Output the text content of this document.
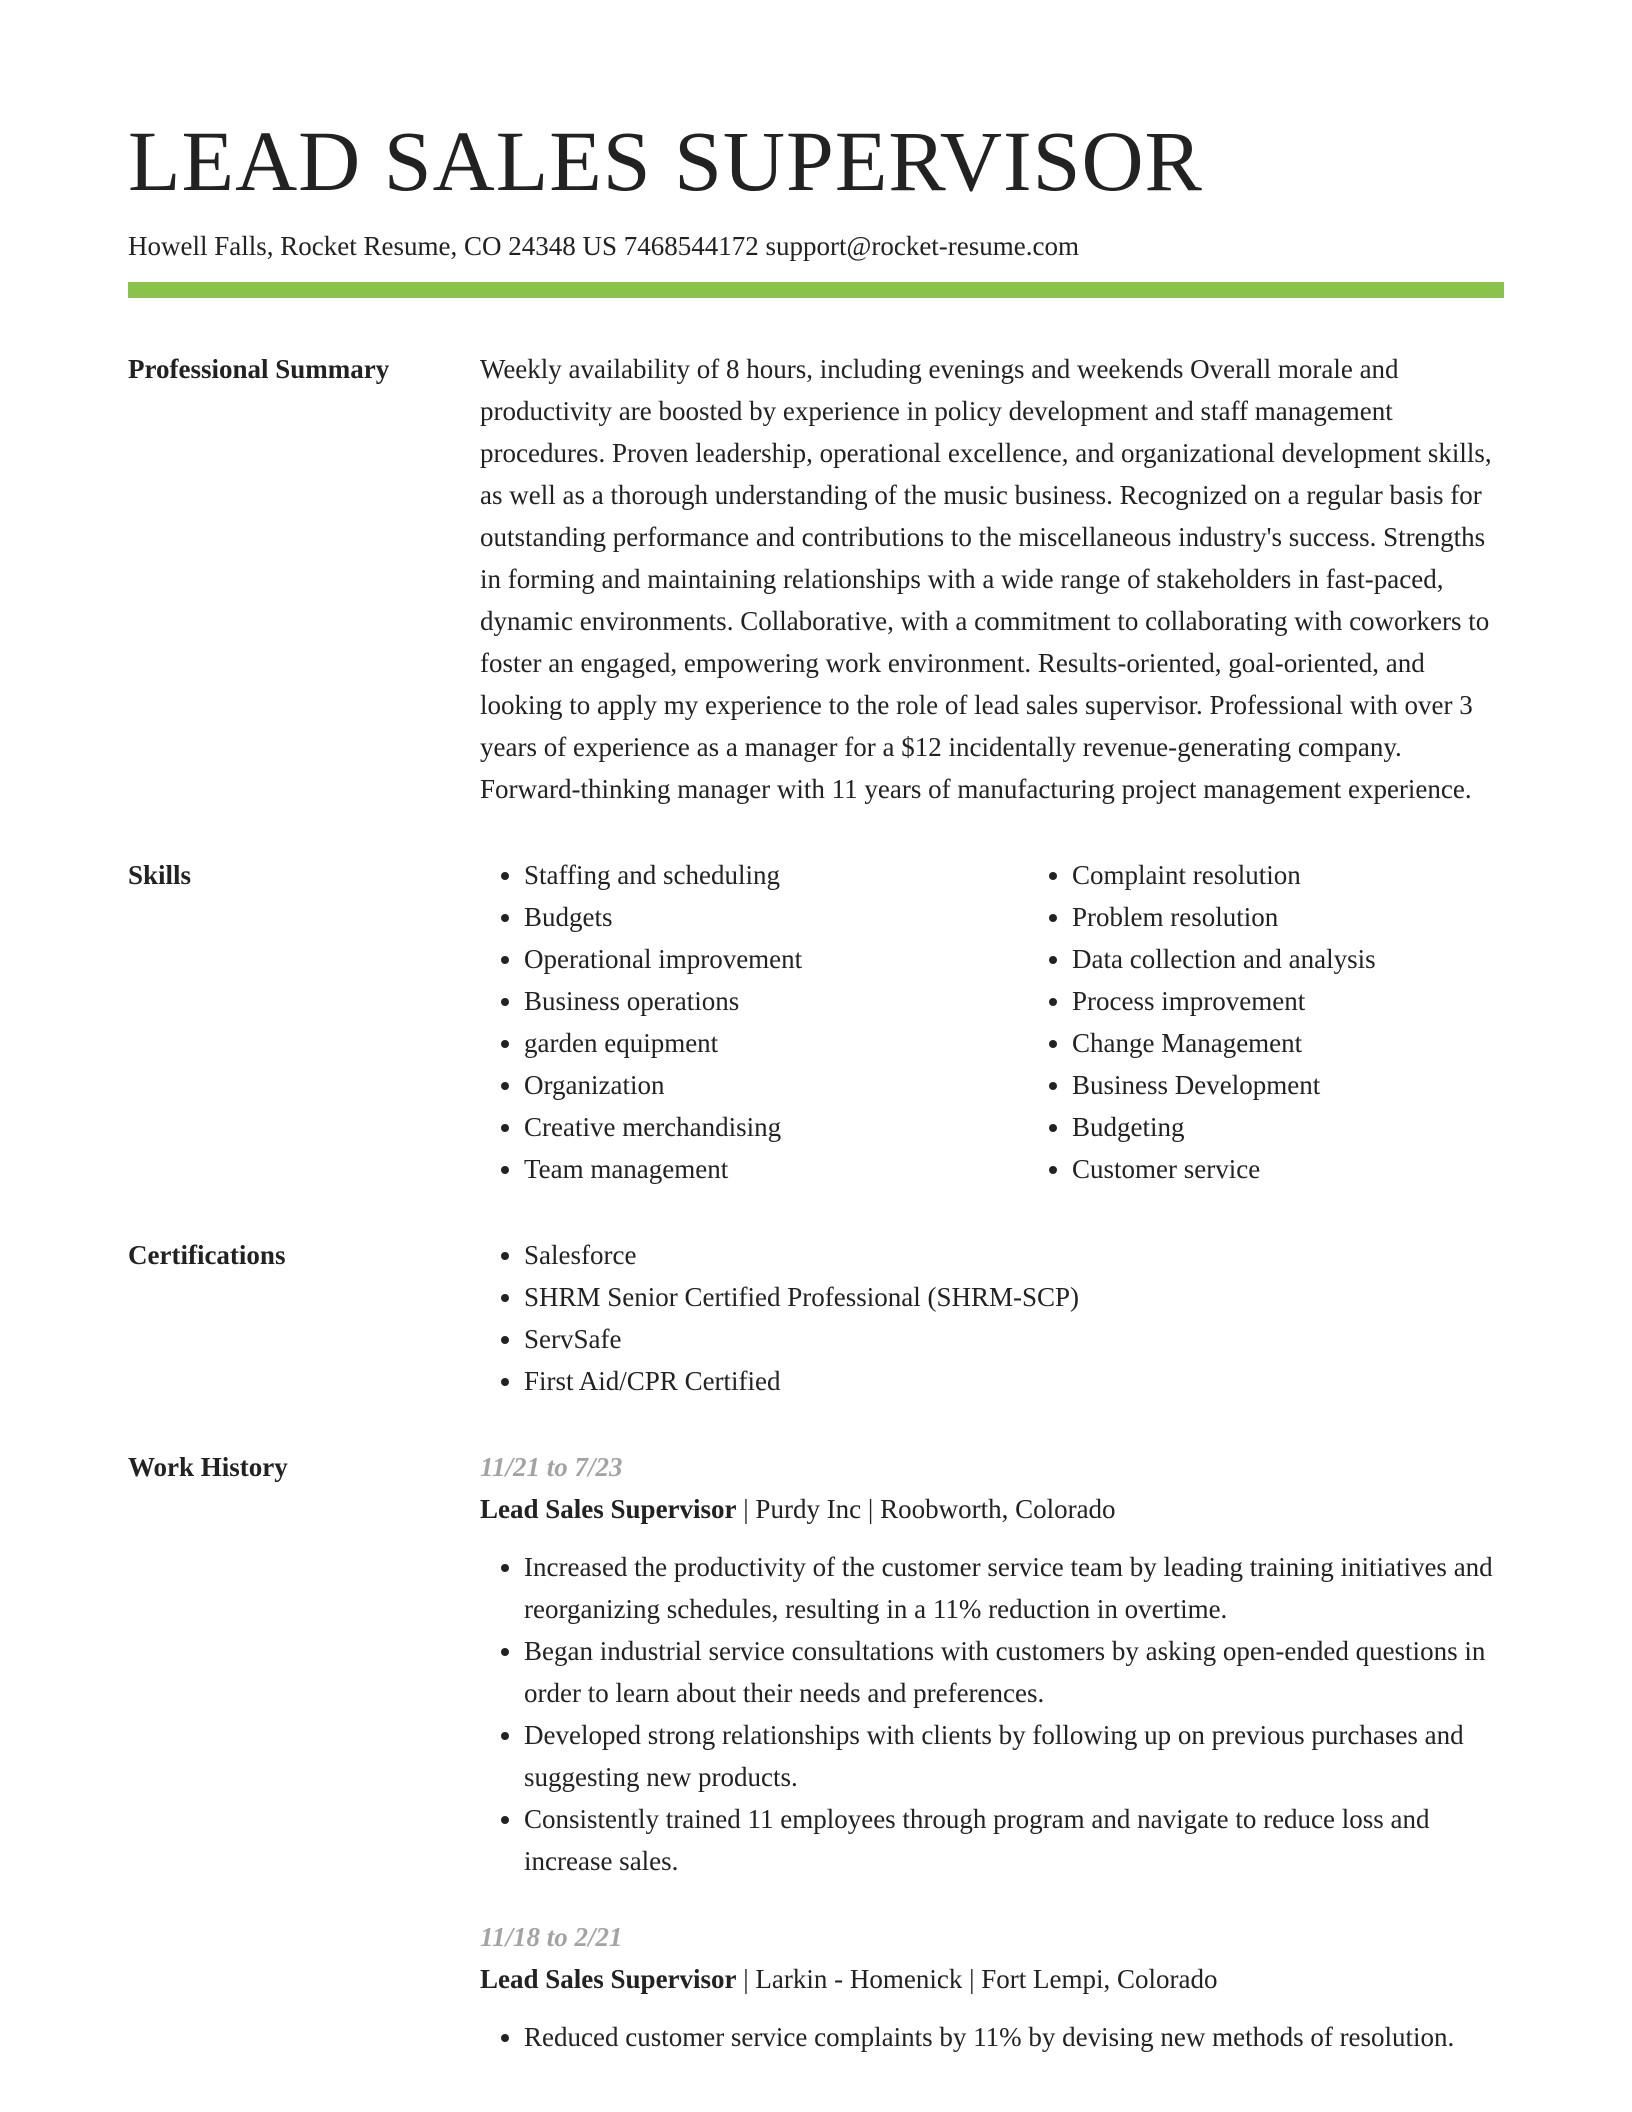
LEAD SALES SUPERVISOR
Howell Falls, Rocket Resume, CO 24348 US 7468544172 support@rocket-resume.com
Professional Summary	Weekly availability of 8 hours, including evenings and weekends Overall morale and productivity are boosted by experience in policy development and staff management procedures. Proven leadership, operational excellence, and organizational development skills, as well as a thorough understanding of the music business. Recognized on a regular basis for outstanding performance and contributions to the miscellaneous industry's success. Strengths in forming and maintaining relationships with a wide range of stakeholders in fast-paced, dynamic environments. Collaborative, with a commitment to collaborating with coworkers to foster an engaged, empowering work environment. Results-oriented, goal-oriented, and looking to apply my experience to the role of lead sales supervisor. Professional with over 3 years of experience as a manager for a $12 incidentally revenue-generating company. Forward-thinking manager with 11 years of manufacturing project management experience.

Skills	• Staffing and scheduling
• Budgets
• Operational improvement
• Business operations
• garden equipment
• Organization
• Creative merchandising
• Team management
• Complaint resolution
• Problem resolution
• Data collection and analysis
• Process improvement
• Change Management
• Business Development
• Budgeting
• Customer service
Certifications	• Salesforce
• SHRM Senior Certified Professional (SHRM-SCP)
• ServSafe
• First Aid/CPR Certified
Work History	11/21 to 7/23
Lead Sales Supervisor | Purdy Inc | Roobworth, Colorado
• Increased the productivity of the customer service team by leading training initiatives and reorganizing schedules, resulting in a 11% reduction in overtime.
• Began industrial service consultations with customers by asking open-ended questions in order to learn about their needs and preferences.
• Developed strong relationships with clients by following up on previous purchases and suggesting new products.
• Consistently trained 11 employees through program and navigate to reduce loss and increase sales.
11/18 to 2/21
Lead Sales Supervisor | Larkin - Homenick | Fort Lempi, Colorado
• Reduced customer service complaints by 11% by devising new methods of resolution.
